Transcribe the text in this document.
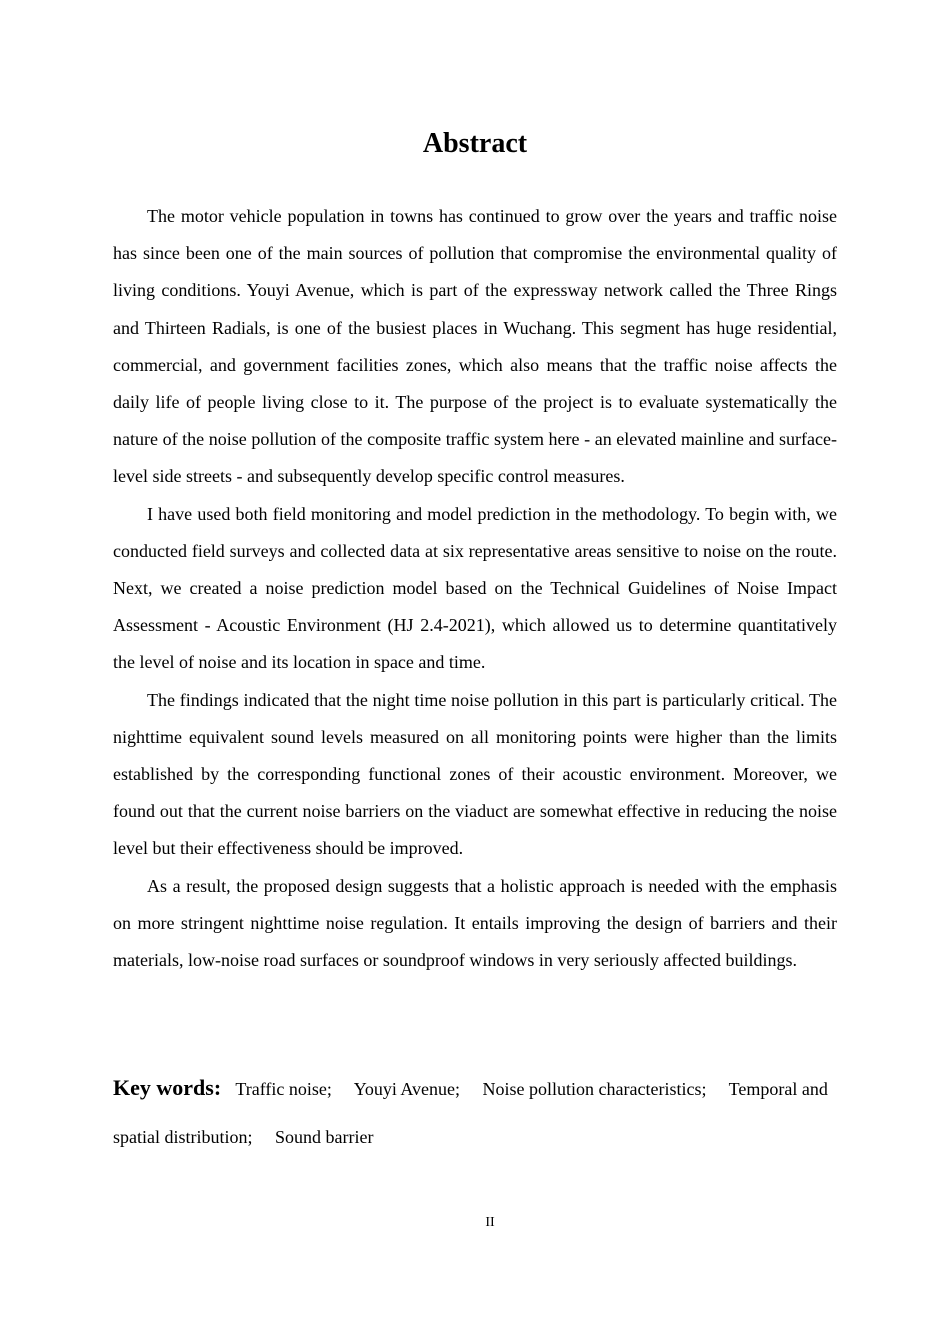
Abstract

The motor vehicle population in towns has continued to grow over the years and traffic noise has since been one of the main sources of pollution that compromise the environmental quality of living conditions. Youyi Avenue, which is part of the expressway network called the Three Rings and Thirteen Radials, is one of the busiest places in Wuchang. This segment has huge residential, commercial, and government facilities zones, which also means that the traffic noise affects the daily life of people living close to it. The purpose of the project is to evaluate systematically the nature of the noise pollution of the composite traffic system here - an elevated mainline and surface-level side streets - and subsequently develop specific control measures.

I have used both field monitoring and model prediction in the methodology. To begin with, we conducted field surveys and collected data at six representative areas sensitive to noise on the route. Next, we created a noise prediction model based on the Technical Guidelines of Noise Impact Assessment - Acoustic Environment (HJ 2.4-2021), which allowed us to determine quantitatively the level of noise and its location in space and time.

The findings indicated that the night time noise pollution in this part is particularly critical. The nighttime equivalent sound levels measured on all monitoring points were higher than the limits established by the corresponding functional zones of their acoustic environment. Moreover, we found out that the current noise barriers on the viaduct are somewhat effective in reducing the noise level but their effectiveness should be improved.

As a result, the proposed design suggests that a holistic approach is needed with the emphasis on more stringent nighttime noise regulation. It entails improving the design of barriers and their materials, low-noise road surfaces or soundproof windows in very seriously affected buildings.

Key words: Traffic noise; Youyi Avenue; Noise pollution characteristics; Temporal and spatial distribution; Sound barrier

II
